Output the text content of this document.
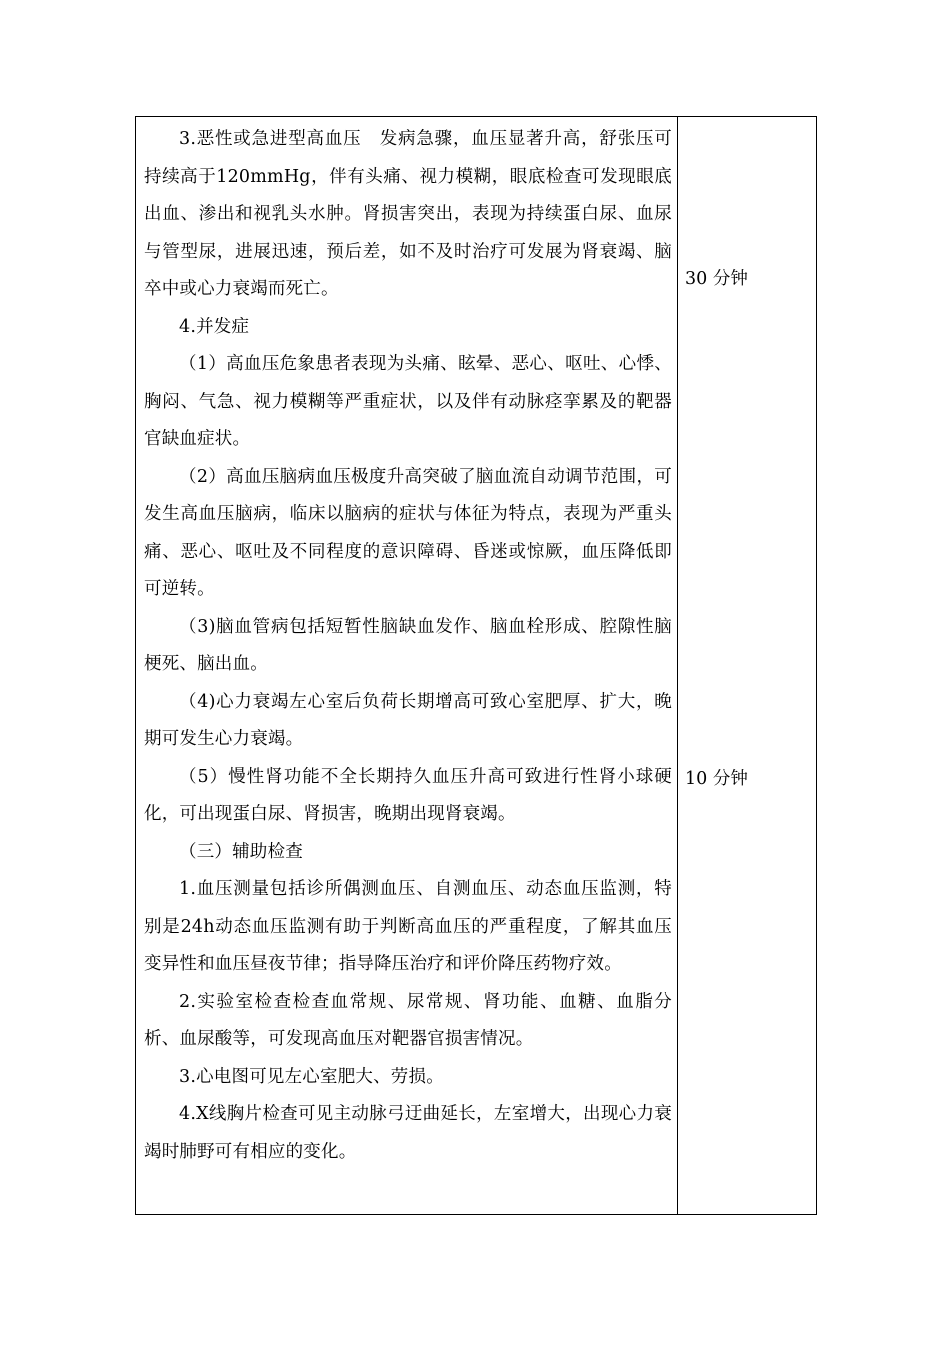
3.恶性或急进型高血压　发病急骤，血压显著升高，舒张压可持续高于120mmHg，伴有头痛、视力模糊，眼底检查可发现眼底出血、渗出和视乳头水肿。肾损害突出，表现为持续蛋白尿、血尿与管型尿，进展迅速，预后差，如不及时治疗可发展为肾衰竭、脑卒中或心力衰竭而死亡。

4.并发症

（1）高血压危象患者表现为头痛、眩晕、恶心、呕吐、心悸、胸闷、气急、视力模糊等严重症状，以及伴有动脉痉挛累及的靶器官缺血症状。

（2）高血压脑病血压极度升高突破了脑血流自动调节范围，可发生高血压脑病，临床以脑病的症状与体征为特点，表现为严重头痛、恶心、呕吐及不同程度的意识障碍、昏迷或惊厥，血压降低即可逆转。

（3)脑血管病包括短暂性脑缺血发作、脑血栓形成、腔隙性脑梗死、脑出血。

（4)心力衰竭左心室后负荷长期增高可致心室肥厚、扩大，晚期可发生心力衰竭。

（5）慢性肾功能不全长期持久血压升高可致进行性肾小球硬化，可出现蛋白尿、肾损害，晚期出现肾衰竭。

（三）辅助检查

1.血压测量包括诊所偶测血压、自测血压、动态血压监测，特别是24h动态血压监测有助于判断高血压的严重程度，了解其血压变异性和血压昼夜节律；指导降压治疗和评价降压药物疗效。

2.实验室检查检查血常规、尿常规、肾功能、血糖、血脂分析、血尿酸等，可发现高血压对靶器官损害情况。

3.心电图可见左心室肥大、劳损。

4.X线胸片检查可见主动脉弓迂曲延长，左室增大，出现心力衰竭时肺野可有相应的变化。

30 分钟
10 分钟
